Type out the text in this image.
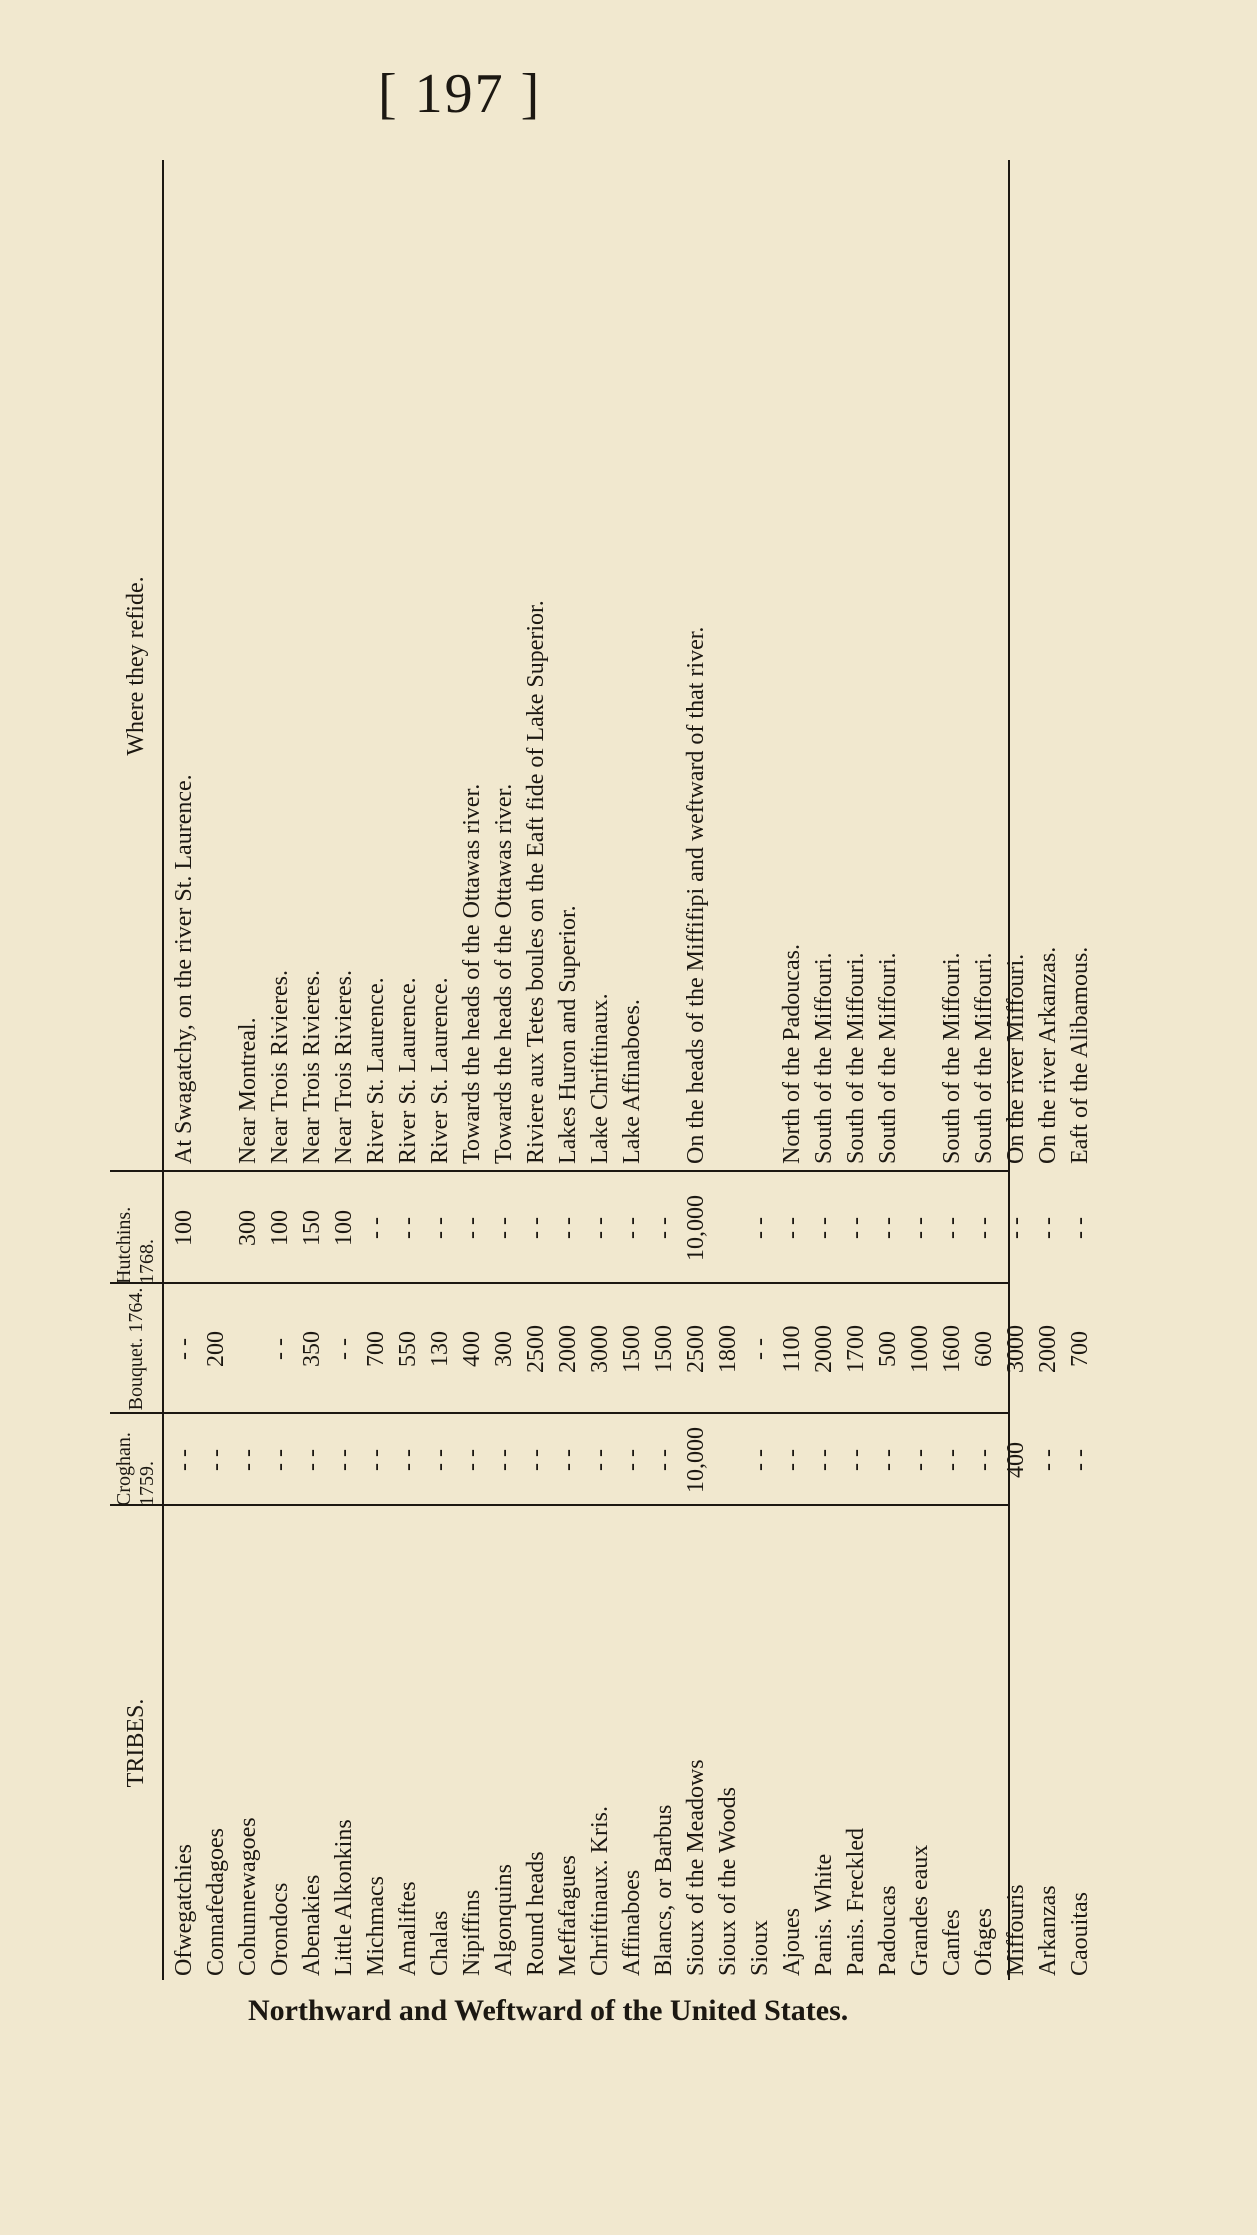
[ 197 ]
TRIBES.
Croghan. 1759.
Bouquet. 1764.
Hutchins. 1768.
Where they refide.
Ofwegatchies
- -
- -
100
At Swagatchy, on the river St. Laurence.
Connafedagoes
- -
200
Cohunnewagoes
- -
300
Near Montreal.
Orondocs
- -
- -
100
Near Trois Rivieres.
Abenakies
- -
350
150
Near Trois Rivieres.
Little Alkonkins
- -
- -
100
Near Trois Rivieres.
Michmacs
- -
700
- -
River St. Laurence.
Amaliftes
- -
550
- -
River St. Laurence.
Chalas
- -
130
- -
River St. Laurence.
Nipiffins
- -
400
- -
Towards the heads of the Ottawas river.
Algonquins
- -
300
- -
Towards the heads of the Ottawas river.
Round heads
- -
2500
- -
Riviere aux Tetes boules on the Eaft fide of Lake Superior.
Meffafagues
- -
2000
- -
Lakes Huron and Superior.
Chriftinaux. Kris.
- -
3000
- -
Lake Chriftinaux.
Affinaboes
- -
1500
- -
Lake Affinaboes.
Blancs, or Barbus
- -
1500
- -
Sioux of the Meadows
10,000
2500
10,000
On the heads of the Miffifipi and weftward of that river.
Sioux of the Woods
1800
Sioux
- -
- -
- -
Ajoues
- -
1100
- -
North of the Padoucas.
Panis. White
- -
2000
- -
South of the Miffouri.
Panis. Freckled
- -
1700
- -
South of the Miffouri.
Padoucas
- -
500
- -
South of the Miffouri.
Grandes eaux
- -
1000
- -
Canfes
- -
1600
- -
South of the Miffouri.
Ofages
- -
600
- -
South of the Miffouri.
Miffouris
400
3000
- -
On the river Miffouri.
Arkanzas
- -
2000
- -
On the river Arkanzas.
Caouitas
- -
700
- -
Eaft of the Alibamous.
Northward and Weftward of the United States.
